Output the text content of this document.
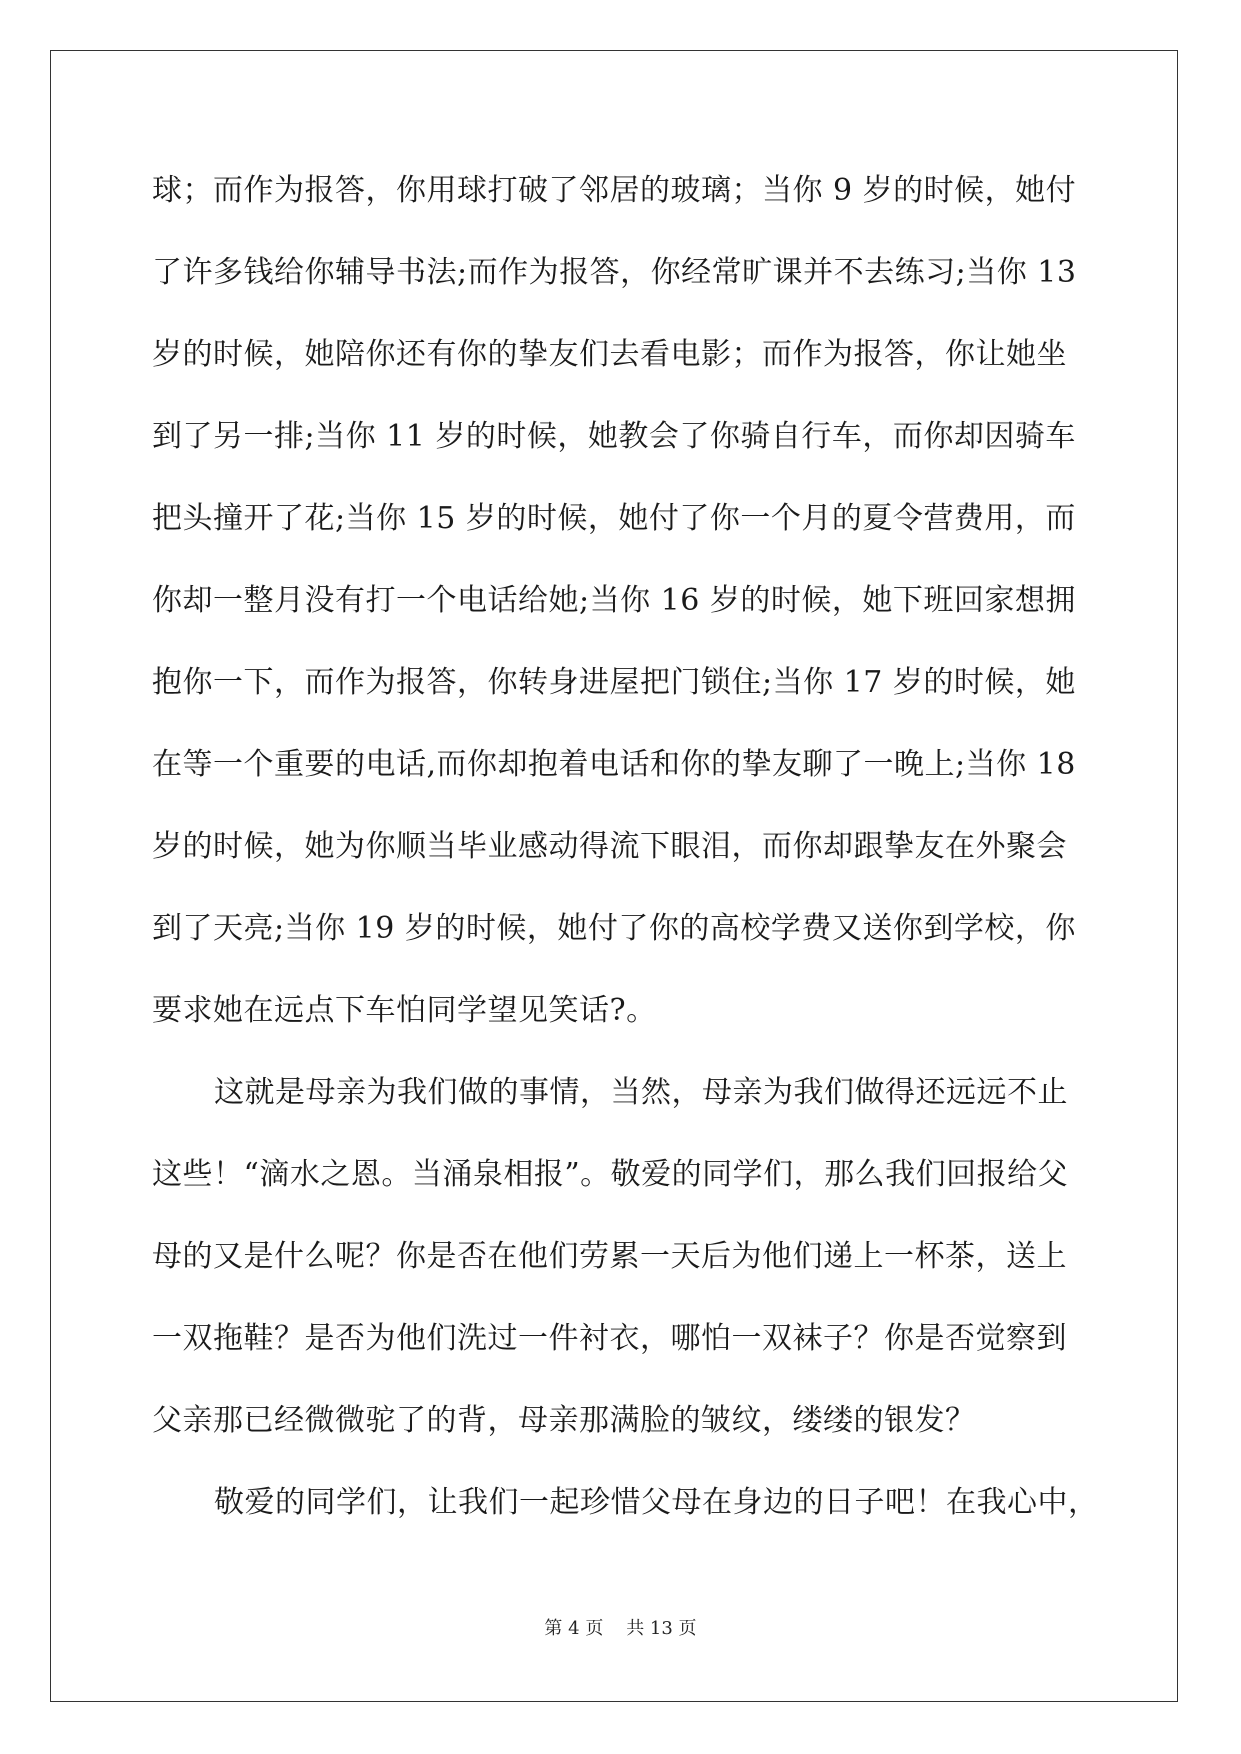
球；而作为报答，你用球打破了邻居的玻璃；当你 9 岁的时候，她付
了许多钱给你辅导书法;而作为报答，你经常旷课并不去练习;当你 13
岁的时候，她陪你还有你的挚友们去看电影；而作为报答，你让她坐
到了另一排;当你 11 岁的时候，她教会了你骑自行车，而你却因骑车
把头撞开了花;当你 15 岁的时候，她付了你一个月的夏令营费用，而
你却一整月没有打一个电话给她;当你 16 岁的时候，她下班回家想拥
抱你一下，而作为报答，你转身进屋把门锁住;当你 17 岁的时候，她
在等一个重要的电话,而你却抱着电话和你的挚友聊了一晚上;当你 18
岁的时候，她为你顺当毕业感动得流下眼泪，而你却跟挚友在外聚会
到了天亮;当你 19 岁的时候，她付了你的高校学费又送你到学校，你
要求她在远点下车怕同学望见笑话?。
这就是母亲为我们做的事情，当然，母亲为我们做得还远远不止
这些！“滴水之恩。当涌泉相报”。敬爱的同学们，那么我们回报给父
母的又是什么呢？你是否在他们劳累一天后为他们递上一杯茶，送上
一双拖鞋？是否为他们洗过一件衬衣，哪怕一双袜子？你是否觉察到
父亲那已经微微驼了的背，母亲那满脸的皱纹，缕缕的银发？
敬爱的同学们，让我们一起珍惜父母在身边的日子吧！在我心中，
第 4 页    共 13 页
